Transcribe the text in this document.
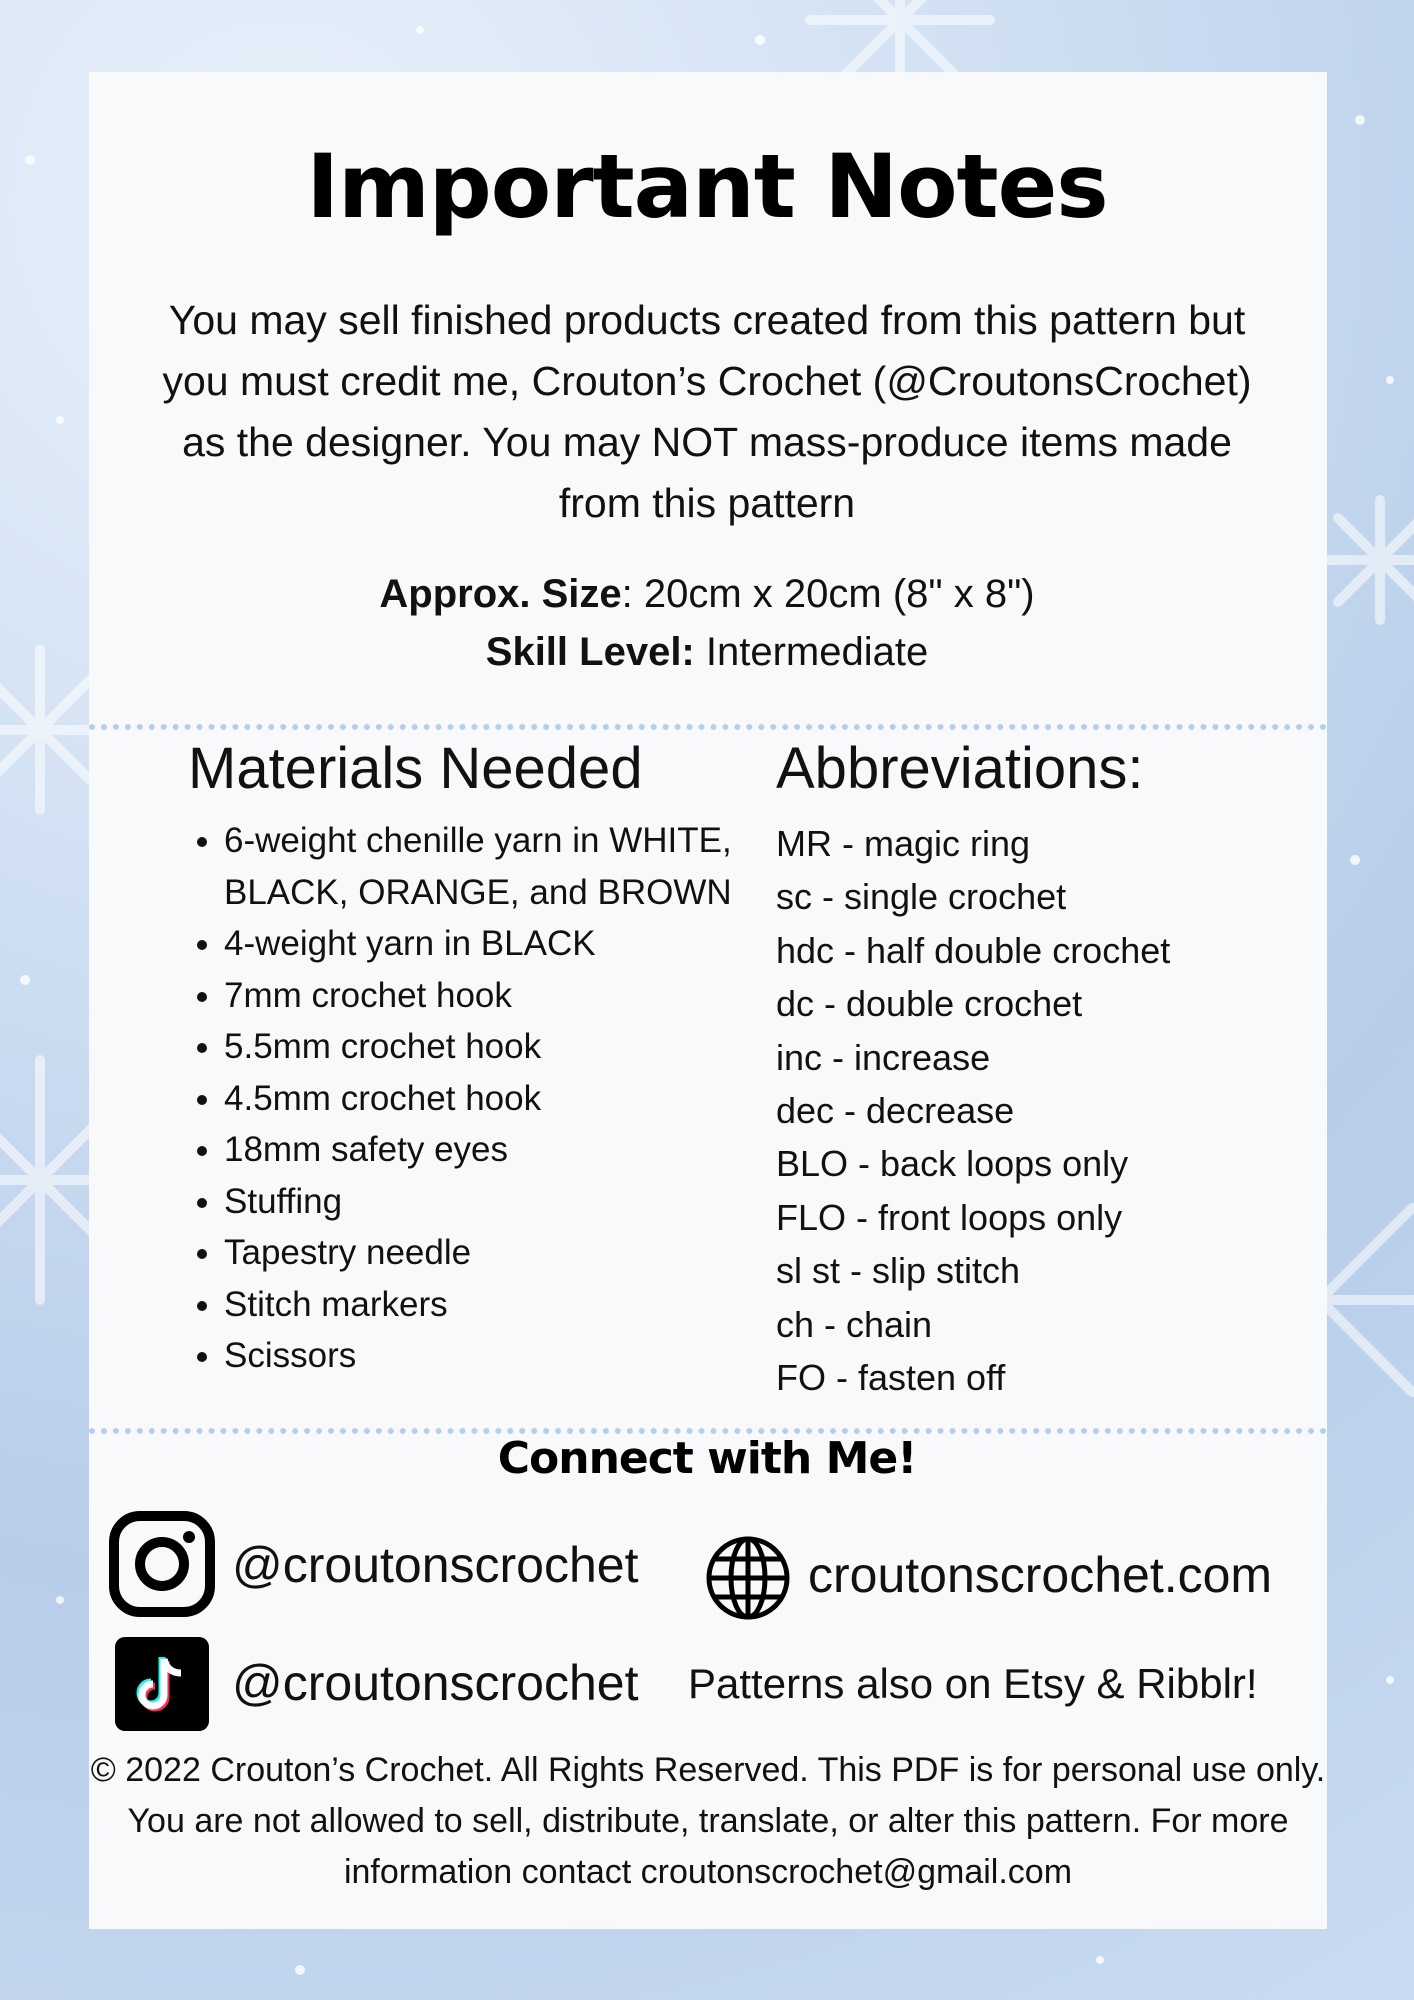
Important Notes
You may sell finished products created from this pattern but you must credit me, Crouton’s Crochet (@CroutonsCrochet) as the designer. You may NOT mass-produce items made from this pattern
Approx. Size: 20cm x 20cm (8" x 8")
Skill Level: Intermediate
Materials Needed
• 6-weight chenille yarn in WHITE, BLACK, ORANGE, and BROWN
• 4-weight yarn in BLACK
• 7mm crochet hook
• 5.5mm crochet hook
• 4.5mm crochet hook
• 18mm safety eyes
• Stuffing
• Tapestry needle
• Stitch markers
• Scissors
Abbreviations:
MR - magic ring
sc - single crochet
hdc - half double crochet
dc - double crochet
inc - increase
dec - decrease
BLO - back loops only
FLO - front loops only
sl st - slip stitch
ch - chain
FO - fasten off
Connect with Me!
@croutonscrochet	croutonscrochet.com
@croutonscrochet Patterns also on Etsy & Ribblr!
© 2022 Crouton’s Crochet. All Rights Reserved. This PDF is for personal use only. You are not allowed to sell, distribute, translate, or alter this pattern. For more information contact croutonscrochet@gmail.com
